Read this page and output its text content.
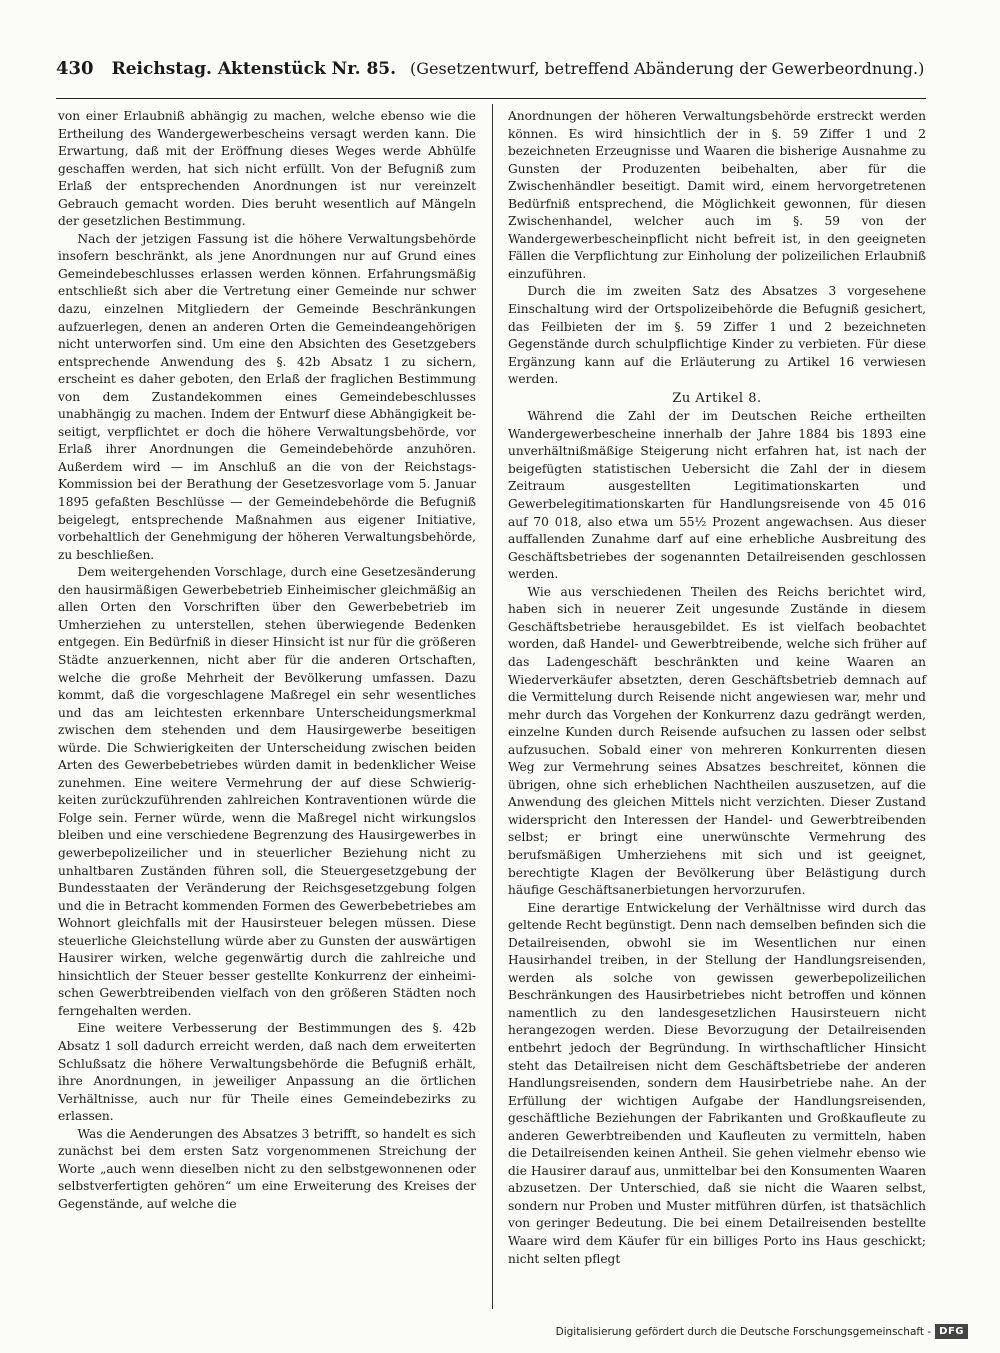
430 Reichstag. Aktenstück Nr. 85. (Gesetzentwurf, betreffend Abänderung der Gewerbeordnung.)

von einer Erlaubniß abhängig zu machen, welche ebenso wie die Ertheilung des Wandergewerbescheins versagt werden kann. Die Erwartung, daß mit der Eröffnung dieses Weges werde Abhülfe geschaffen werden, hat sich nicht erfüllt. Von der Befugniß zum Erlaß der entsprechenden Anordnungen ist nur vereinzelt Gebrauch gemacht worden. Dies beruht wesentlich auf Mängeln der gesetzlichen Bestimmung.

Nach der jetzigen Fassung ist die höhere Verwaltungsbehörde insofern beschränkt, als jene Anordnungen nur auf Grund eines Gemeindebeschlusses erlassen werden können. Erfahrungsmäßig entschließt sich aber die Vertretung einer Gemeinde nur schwer dazu, einzelnen Mitgliedern der Gemeinde Beschränkungen aufzuerlegen, denen an anderen Orten die Gemeindeangehörigen nicht unterworfen sind. Um eine den Absichten des Gesetzgebers entsprechende Anwendung des §. 42b Absatz 1 zu sichern, erscheint es daher geboten, den Erlaß der fraglichen Bestimmung von dem Zustandekommen eines Gemeindebeschlusses unabhängig zu machen. Indem der Entwurf diese Abhängigkeit beseitigt, verpflichtet er doch die höhere Verwaltungsbehörde, vor Erlaß ihrer Anordnungen die Gemeindebehörde anzuhören. Außerdem wird — im Anschluß an die von der Reichstags-Kommission bei der Berathung der Gesetzesvorlage vom 5. Januar 1895 gefaßten Beschlüsse — der Gemeindebehörde die Befugniß beigelegt, entsprechende Maßnahmen aus eigener Initiative, vorbehaltlich der Genehmigung der höheren Verwaltungsbehörde, zu beschließen.

Dem weitergehenden Vorschlage, durch eine Gesetzesänderung den hausirmäßigen Gewerbebetrieb Einheimischer gleichmäßig an allen Orten den Vorschriften über den Gewerbebetrieb im Umherziehen zu unterstellen, stehen überwiegende Bedenken entgegen. Ein Bedürfniß in dieser Hinsicht ist nur für die größeren Städte anzuerkennen, nicht aber für die anderen Ortschaften, welche die große Mehrheit der Bevölkerung umfassen. Dazu kommt, daß die vorgeschlagene Maßregel ein sehr wesentliches und das am leichtesten erkennbare Unterscheidungsmerkmal zwischen dem stehenden und dem Hausirgewerbe beseitigen würde. Die Schwierigkeiten der Unterscheidung zwischen beiden Arten des Gewerbebetriebes würden damit in bedenklicher Weise zunehmen. Eine weitere Vermehrung der auf diese Schwierigkeiten zurückzuführenden zahlreichen Kontraventionen würde die Folge sein. Ferner würde, wenn die Maßregel nicht wirkungslos bleiben und eine verschiedene Begrenzung des Hausirgewerbes in gewerbepolizeilicher und in steuerlicher Beziehung nicht zu unhaltbaren Zuständen führen soll, die Steuergesetzgebung der Bundesstaaten der Veränderung der Reichsgesetzgebung folgen und die in Betracht kommenden Formen des Gewerbebetriebes am Wohnort gleichfalls mit der Hausirsteuer belegen müssen. Diese steuerliche Gleichstellung würde aber zu Gunsten der auswärtigen Hausirer wirken, welche gegenwärtig durch die zahlreiche und hinsichtlich der Steuer besser gestellte Konkurrenz der einheimischen Gewerbtreibenden vielfach von den größeren Städten noch ferngehalten werden.

Eine weitere Verbesserung der Bestimmungen des §. 42b Absatz 1 soll dadurch erreicht werden, daß nach dem erweiterten Schlußsatz die höhere Verwaltungsbehörde die Befugniß erhält, ihre Anordnungen, in jeweiliger Anpassung an die örtlichen Verhältnisse, auch nur für Theile eines Gemeindebezirks zu erlassen.

Was die Aenderungen des Absatzes 3 betrifft, so handelt es sich zunächst bei dem ersten Satz vorgenommenen Streichung der Worte „auch wenn dieselben nicht zu den selbstgewonnenen oder selbstverfertigten gehören“ um eine Erweiterung des Kreises der Gegenstände, auf welche die

Anordnungen der höheren Verwaltungsbehörde erstreckt werden können. Es wird hinsichtlich der in §. 59 Ziffer 1 und 2 bezeichneten Erzeugnisse und Waaren die bisherige Ausnahme zu Gunsten der Produzenten beibehalten, aber für die Zwischenhändler beseitigt. Damit wird, einem hervorgetretenen Bedürfniß entsprechend, die Möglichkeit gewonnen, für diesen Zwischenhandel, welcher auch im §. 59 von der Wandergewerbescheinpflicht nicht befreit ist, in den geeigneten Fällen die Verpflichtung zur Einholung der polizeilichen Erlaubniß einzuführen.

Durch die im zweiten Satz des Absatzes 3 vorgesehene Einschaltung wird der Ortspolizeibehörde die Befugniß gesichert, das Feilbieten der im §. 59 Ziffer 1 und 2 bezeichneten Gegenstände durch schulpflichtige Kinder zu verbieten. Für diese Ergänzung kann auf die Erläuterung zu Artikel 16 verwiesen werden.

Zu Artikel 8.

Während die Zahl der im Deutschen Reiche ertheilten Wandergewerbescheine innerhalb der Jahre 1884 bis 1893 eine unverhältnißmäßige Steigerung nicht erfahren hat, ist nach der beigefügten statistischen Uebersicht die Zahl der in diesem Zeitraum ausgestellten Legitimationskarten und Gewerbelegitimationskarten für Handlungsreisende von 45 016 auf 70 018, also etwa um 55½ Prozent angewachsen. Aus dieser auffallenden Zunahme darf auf eine erhebliche Ausbreitung des Geschäftsbetriebes der sogenannten Detailreisenden geschlossen werden.

Wie aus verschiedenen Theilen des Reichs berichtet wird, haben sich in neuerer Zeit ungesunde Zustände in diesem Geschäftsbetriebe herausgebildet. Es ist vielfach beobachtet worden, daß Handel- und Gewerbtreibende, welche sich früher auf das Ladengeschäft beschränkten und keine Waaren an Wiederverkäufer absetzten, deren Geschäftsbetrieb demnach auf die Vermittelung durch Reisende nicht angewiesen war, mehr und mehr durch das Vorgehen der Konkurrenz dazu gedrängt werden, einzelne Kunden durch Reisende aufsuchen zu lassen oder selbst aufzusuchen. Sobald einer von mehreren Konkurrenten diesen Weg zur Vermehrung seines Absatzes beschreitet, können die übrigen, ohne sich erheblichen Nachtheilen auszusetzen, auf die Anwendung des gleichen Mittels nicht verzichten. Dieser Zustand widerspricht den Interessen der Handel- und Gewerbtreibenden selbst; er bringt eine unerwünschte Vermehrung des berufsmäßigen Umherziehens mit sich und ist geeignet, berechtigte Klagen der Bevölkerung über Belästigung durch häufige Geschäftsanerbietungen hervorzurufen.

Eine derartige Entwickelung der Verhältnisse wird durch das geltende Recht begünstigt. Denn nach demselben befinden sich die Detailreisenden, obwohl sie im Wesentlichen nur einen Hausirhandel treiben, in der Stellung der Handlungsreisenden, werden als solche von gewissen gewerbepolizeilichen Beschränkungen des Hausirbetriebes nicht betroffen und können namentlich zu den landesgesetzlichen Hausirsteuern nicht herangezogen werden. Diese Bevorzugung der Detailreisenden entbehrt jedoch der Begründung. In wirthschaftlicher Hinsicht steht das Detailreisen nicht dem Geschäftsbetriebe der anderen Handlungsreisenden, sondern dem Hausirbetriebe nahe. An der Erfüllung der wichtigen Aufgabe der Handlungsreisenden, geschäftliche Beziehungen der Fabrikanten und Großkaufleute zu anderen Gewerbtreibenden und Kaufleuten zu vermitteln, haben die Detailreisenden keinen Antheil. Sie gehen vielmehr ebenso wie die Hausirer darauf aus, unmittelbar bei den Konsumenten Waaren abzusetzen. Der Unterschied, daß sie nicht die Waaren selbst, sondern nur Proben und Muster mitführen dürfen, ist thatsächlich von geringer Bedeutung. Die bei einem Detailreisenden bestellte Waare wird dem Käufer für ein billiges Porto ins Haus geschickt; nicht selten pflegt

Digitalisierung gefördert durch die Deutsche Forschungsgemeinschaft - DFG
